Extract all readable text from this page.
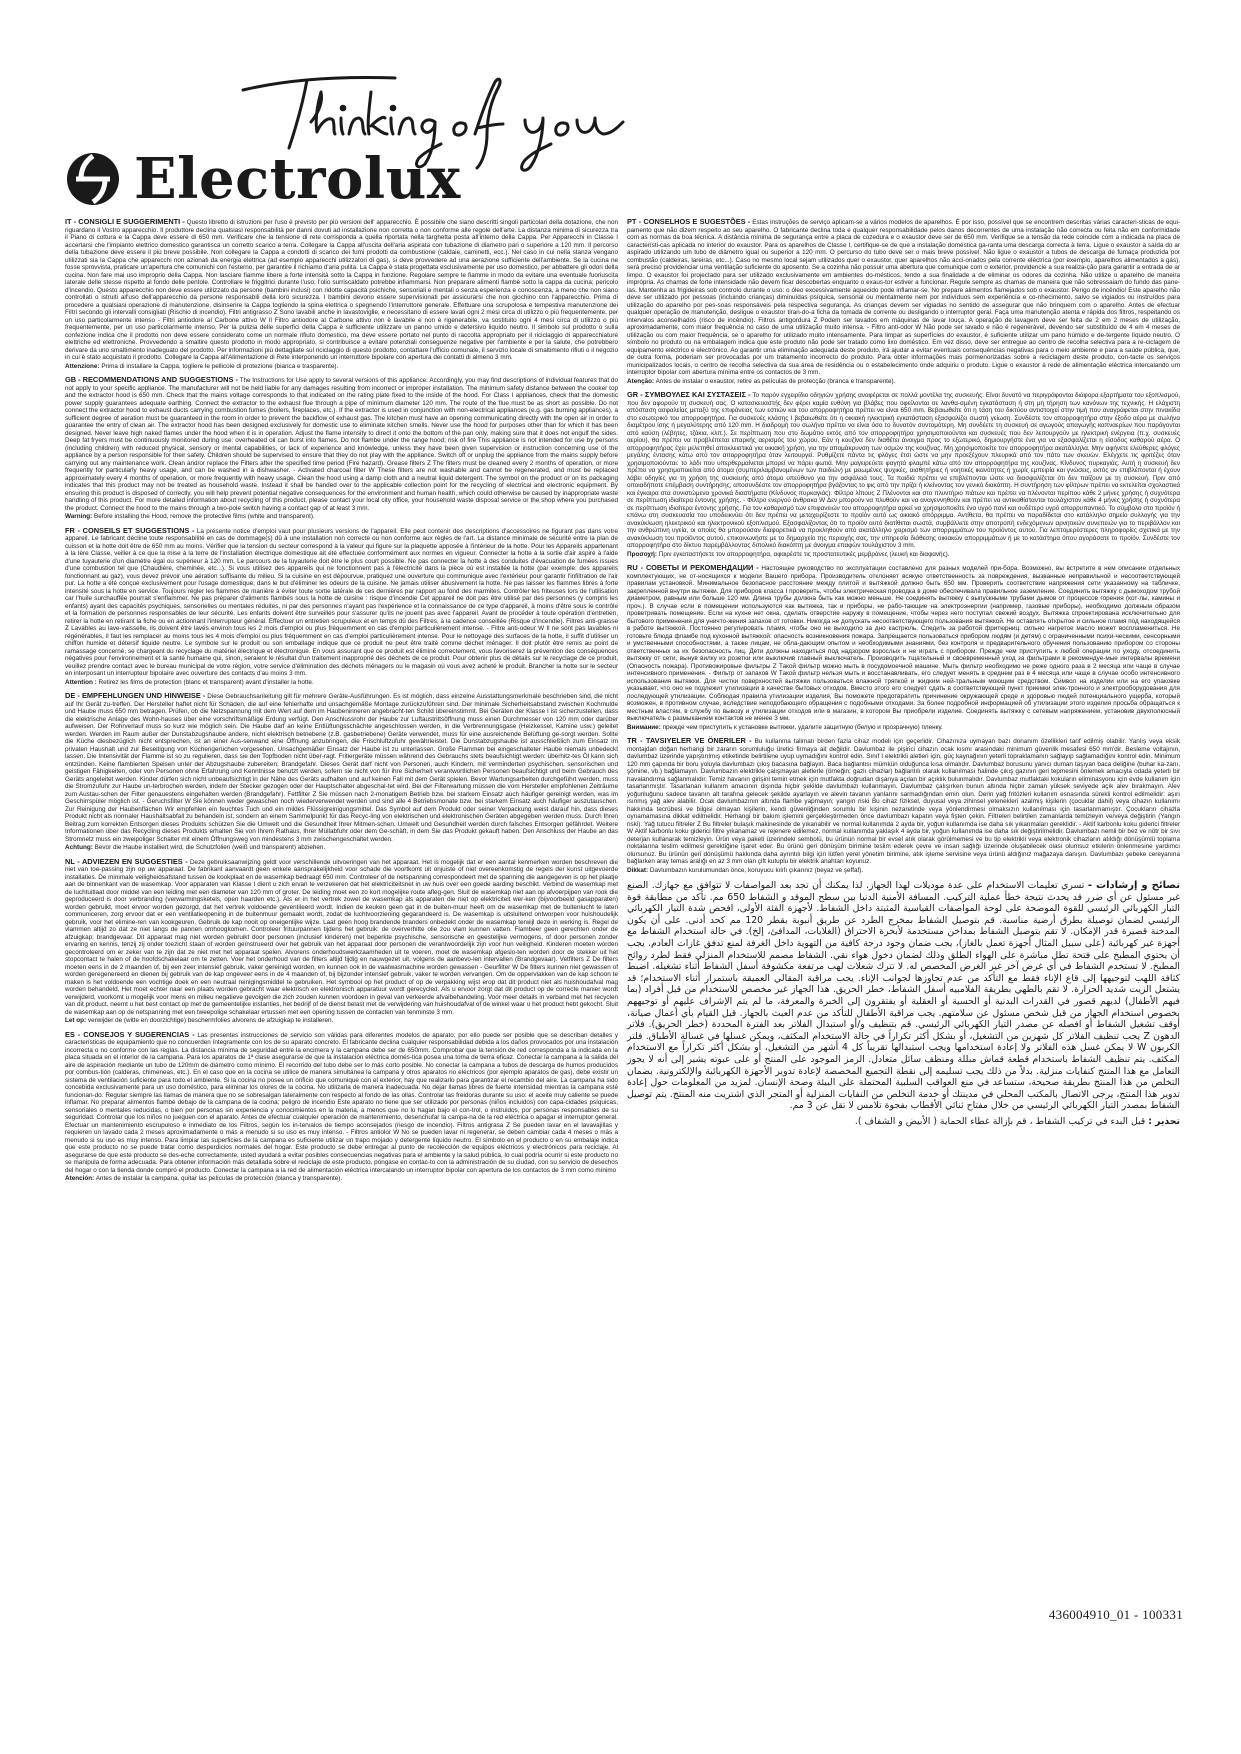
Electrolux
IT - CONSIGLI E SUGGERIMENTI - Questo libretto di istruzioni per l'uso è previsto per più versioni dell' apparecchio. È possibile che siano descritti singoli particolari della dotazione, che non riguardano il Vostro apparecchio. Il produttore declina qualsiasi responsabilità per danni dovuti ad installazione non corretta o non conforme alle regole dell'arte. La distanza minima di sicurezza tra il Piano di cottura e la Cappa deve essere di 650 mm. Verificare che la tensione di rete corrisponda a quella riportata nella targhetta posta all'interno della Cappa. Per Apparecchi in Classe I accertarsi che l'impianto elettrico domestico garantisca un corretto scarico a terra. Collegare la Cappa all'uscita dell'aria aspirata con tubazione di diametro pari o superiore a 120 mm. Il percorso della tubazione deve essere il più breve possibile. Non collegare la Cappa a condotti di scarico dei fumi prodotti da combustione (caldaie, caminetti, ecc.). Nel caso in cui nella stanza vengano utilizzati sia la Cappa che apparecchi non azionati da energia elettrica (ad esempio apparecchi utilizzatori di gas), si deve provvedere ad una aerazione sufficiente dell'ambiente. Se la cucina ne fosse sprovvista, praticare un'apertura che comunichi con l'esterno, per garantire il richiamo d'aria pulita. La Cappa è stata progettata esclusivamente per uso domestico, per abbattere gli odori della cucina. Non fare mai uso improprio della Cappa. Non lasciare fiamme libere a forte intensità sotto la Cappa in funzione. Regolare sempre le fiamme in modo da evitare una eventuale fuoriuscita laterale delle stesse rispetto al fondo delle pentole. Controllare le friggitrici durante l'uso: l'olio surriscaldato potrebbe infiammarsi. Non preparare alimenti flambè sotto la cappa da cucina; pericolo d'incendio. Questo apparecchio non deve essere utilizzato da persone (bambini inclusi) con ridotte capacità psichiche, sensoriali e mentali o senza esperienza e conoscenza, a meno che non siano controllati o istruiti all'uso dell'apparecchio da persone responsabili della loro sicurezza. I bambini devono essere supervisionati per assicurarsi che non giochino con l'apparecchio. Prima di procedere a qualsiasi operazione di manutenzione, disinserire la Cappa togliendo la spina elettrica o spegnendo l'interruttore generale. Effettuare una scrupolosa e tempestiva manutenzione dei Filtri secondo gli intervalli consigliati (Rischio di incendio). Filtri antigrasso Z Sono lavabili anche in lavastoviglie, e necessitano di essere lavati ogni 2 mesi circa di utilizzo o più frequentemente, per un uso particolarmente intenso - Filtri antiodore al Carbone attivo W Il Filtro antiodore al Carbone attivo non è lavabile e non è rigenerabile, va sostituito ogni 4 mesi circa di utilizzo o più frequentemente, per un uso particolarmente intenso. Per la pulizia delle superfici della Cappa è sufficiente utilizzare un panno umido e detersivo liquido neutro. Il simbolo sul prodotto o sulla confezione indica che il prodotto non deve essere considerato come un normale rifiuto domestico, ma deve essere portato nel punto di raccolta appropriato per il riciclaggio di apparecchiature elettriche ed elettroniche. Provvedendo a smaltire questo prodotto in modo appropriato, si contribuisce a evitare potenziali conseguenze negative per l'ambiente e per la salute, che potrebbero derivare da uno smaltimento inadeguato del prodotto. Per informazioni più dettagliate sul riciclaggio di questo prodotto, contattare l'ufficio comunale, il servizio locale di smaltimento rifiuti o il negozio in cui è stato acquistato il prodotto. Collegare la Cappa all'Alimentazione di Rete interponendo un interruttore bipolare con apertura dei contatti di almeno 3 mm.
Attenzione: Prima di installare la Cappa, togliere le pellicole di protezione (bianca e trasparente).
GB - RECOMMENDATIONS AND SUGGESTIONS - The Instructions for Use apply to several versions of this appliance. Accordingly, you may find descriptions of individual features that do not apply to your specific appliance. The manufacturer will not be held liable for any damages resulting from incorrect or improper installation. The minimum safety distance between the cooker top and the extractor hood is 650 mm. Check that the mains voltage corresponds to that indicated on the rating plate fixed to the inside of the hood. For Class I appliances, check that the domestic power supply guarantees adequate earthing. Connect the extractor to the exhaust flue through a pipe of minimum diameter 120 mm. The route of the flue must be as short as possible. Do not connect the extractor hood to exhaust ducts carrying combustion fumes (boilers, fireplaces, etc.). If the extractor is used in conjunction with non-electrical appliances (e.g. gas burning appliances), a sufficient degree of aeration must be guaranteed in the room in order to prevent the backflow of exhaust gas. The kitchen must have an opening communicating directly with the open air in order to guarantee the entry of clean air. The extractor hood has been designed exclusively for domestic use to eliminate kitchen smells. Never use the hood for purposes other than for which it has been designed. Never leave high naked flames under the hood when it is in operation. Adjust the flame intensity to direct it onto the bottom of the pan only, making sure that it does not engulf the sides. Deep fat fryers must be continuously monitored during use: overheated oil can burst into flames. Do not flambe under the range hood; risk of fire This appliance is not intended for use by persons (including children) with reduced physical, sensory or mental capabilities, or lack of experience and knowledge, unless they have been given supervision or instruction concerning use of the appliance by a person responsible for their safety. Children should be supervised to ensure that they do not play with the appliance. Switch off or unplug the appliance from the mains supply before carrying out any maintenance work. Clean and/or replace the Filters after the specified time period (Fire hazard). Grease filters Z The filters must be cleaned every 2 months of operation, or more frequently for particularly heavy usage, and can be washed in a dishwasher. - Activated charcoal filter W These filters are not washable and cannot be regenerated, and must be replaced approximately every 4 months of operation, or more frequently with heavy usage. Clean the hood using a damp cloth and a neutral liquid detergent. The symbol on the product or on its packaging indicates that this product may not be treated as household waste. Instead it shall be handed over to the applicable collection point for the recycling of electrical and electronic equipment. By ensuring this product is disposed of correctly, you will help prevent potential negative consequences for the environment and human health, which could otherwise be caused by inappropriate waste handling of this product. For more detailed information about recycling of this product, please contact your local city office, your household waste disposal service or the shop where you purchased the product. Connect the hood to the mains through a two-pole switch having a contact gap of at least 3 mm.
Warning: Before installing the Hood, remove the protective films (white and transparent).
FR - CONSEILS ET SUGGESTIONS - La présente notice d'emploi vaut pour plusieurs versions de l'appareil. Elle peut contenir des descriptions d'accessoires ne figurant pas dans votre appareil. Le fabricant décline toute responsabilité en cas de dommage(s) dû à une installation non correcte ou non conforme aux règles de l'art. La distance minimale de sécurité entre la plan de cuisson et la hotte doit être de 650 mm au moins. Vérifier que la tension du secteur correspond à la valeur qui figure sur la plaquette apposée à l'intérieur de la hotte. Pour les Appareils appartenant à la Ière Classe, veiller à ce que la mise à la terre de l'installation électrique domestique ait été effectuée conformément aux normes en vigueur. Connecter la hotte à la sortie d'air aspiré à l'aide d'une tuyauterie d'un diamètre égal ou supérieur à 120 mm. Le parcours de la tuyauterie doit être le plus court possible. Ne pas connecter la hotte à des conduites d'évacuation de fumées issues d'une combustion tel que (Chaudière, cheminée, etc...). Si vous utilisez des appareils qui ne fonctionnent pas à l'électricité dans la pièce où est installée la hotte (par exemple: des appareils fonctionnant au gaz), vous devez prévoir une aération suffisante du milieu. Si la cuisine en est dépourvue, pratiquez une ouverture qui communique avec l'extérieur pour garantir l'infiltration de l'air pur. La hotte a été conçue exclusivement pour l'usage domestique, dans le but d'éliminer les odeurs de la cuisine. Ne jamais utiliser abusivement la hotte. Ne pas laisser les flammes libres à forte intensité sous la hotte en service. Toujours régler les flammes de manière à éviter toute sortie latérale de ces dernières par rapport au fond des marmites. Contrôler les friteuses lors de l'utilisation car l'huile surchauffée pourrait s'enflammer. Ne pas préparer d'aliments flambés sous la hotte de cuisine : risque d'incendie Cet appareil ne doit pas être utilisé par des personnes (y compris les enfants) ayant des capacités psychiques, sensorielles ou mentales réduites, ni par des personnes n'ayant pas l'expérience et la connaissance de ce type d'appareil, à moins d'être sous le contrôle et la formation de personnes responsables de leur sécurité. Les enfants doivent être surveillés pour s'assurer qu'ils ne jouent pas avec l'appareil. Avant de procéder à toute opération d'entretien, retirer la hotte en retirant la fiche ou en actionnant l'interrupteur général. Effectuer un entretien scrupuleux et en temps dû des Filtres, à la cadence conseillée (Risque d'incendie). Filtres anti-graisse Z Lavables au lave-vaisselle, ils doivent être lavés environ tous les 2 mois d'emploi ou plus fréquemment en cas d'emploi particulièrement intense. - Filtre anti-odeur W Il ne sont pas lavables ni régénérables, il faut les remplacer au moins tous les 4 mois d'emploi ou plus fréquemment en cas d'emploi particulièrement intense. Pour le nettoyage des surfaces de la hotte, il suffit d'utiliser un chiffon humide et détersif liquide neutre. Le symbole sur le produit ou son emballage indique que ce produit ne peut être traité comme déchet ménager. Il doit plutôt être remis au point de ramassage concerné, se chargeant du recyclage du matériel électrique et électronique. En vous assurant que ce produit est éliminé correctement, vous favoriserez la prévention des conséquences négatives pour l'environnement et la santé humaine qui, sinon, seraient le résultat d'un traitement inapproprié des déchets de ce produit. Pour obtenir plus de détails sur le recyclage de ce produit, veuillez prendre contact avec le bureau municipal de votre région, votre service d'élimination des déchets ménagers ou le magasin où vous avez acheté le produit. Brancher la hotte sur le secteur en interposant un interrupteur bipolaire avec ouverture des contacts d'au moins 3 mm.
Attention : Retirez les films de protection (blanc et transparent) avant d'installer la hotte.
DE - EMPFEHLUNGEN UND HINWEISE - Diese Gebrauchsanleitung gilt für mehrere Geräte-Ausführungen. Es ist möglich, dass einzelne Ausstattungsmerkmale beschrieben sind, die nicht auf Ihr Gerät zu-treffen. Der Hersteller haftet nicht für Schäden, die auf eine fehlerhafte und unsachgemäße Montage zurückzuführen sind. Der minimale Sicherheitsabstand zwischen Kochmulde und Haube muss 650 mm betragen. Prüfen, ob die Netzspannung mit dem Wert auf dem im Haubeninneren angebracht-ten Schild übereinstimmt. Bei Geräten der Klasse I ist sicherzustellen, dass die elektrische Anlage des Wohn-hauses über eine vorschriftsmäßige Erdung verfügt. Den Anschlussrohr der Haube zur Luftaustrittsöffnung muss einen Durchmesser von 120 mm oder darüber aufweisen. Der Rohrverlauf muss so kurz wie möglich sein. Die Haube darf an keine Entlüftungsschächte angeschlossen werden, in die Verbrennungsgase (Heizkessel, Kamine usw.) geleitet werden. Werden im Raum außer der Dunstabzugshaube andere, nicht elektrisch betriebene (z.B. gasbetriebene) Geräte verwendet, muss für eine ausreichende Belüftung ge-sorgt werden. Sollte die Küche diesbezüglich nicht entsprechen, ist an einer Aus-senwand eine Öffnung anzubringen, die Frischluftzufuhr gewährleistet. Die Dunstabzugshaube ist ausschließlich zum Einsatz im privaten Haushalt und zur Beseitigung von Küchengerüchen vorgesehen. Unsachgemäßer Einsatz der Haube ist zu unterlassen. Große Flammen bei eingeschalteter Haube niemals unbedeckt lassen. Die Intensivität der Flamme ist so zu regulieren, dass sie den Topfboden nicht über-ragt. Fritiergeräte müssen während des Gebrauchs stets beaufsichtigt werden: überhitz-tes Öl kann sich entzünden. Keine flambierten Speisen unter der Abzugshaube zubereiten; Brandgefahr. Dieses Gerät darf nicht von Personen, auch Kindern, mit verminderten psychischen, sensorischen und geistigen Fähigkeiten, oder von Personen ohne Erfahrung und Kenntnisse benutzt werden, sofern sie nicht von für ihre Sicherheit verantwortlichen Personen beaufsichtigt und beim Gebrauch des Geräts angeleitet werden. Kinder dürfen sich nicht unbeaufsichtigt in der Nähe des Geräts aufhalten und auf keinen Fall mit dem Gerät spielen. Bevor Wartungsarbeiten durchgeführt werden, muss die Stromzufuhr zur Haube un-terbrochen werden, indem der Stecker gezogen oder der Hauptschalter abgeschal-tet wird. Bei der Filterwartung müssen die vom Hersteller empfohlenen Zeiträume zum Austau-schen der Filter genauestens eingehalten werden (Brandgefahr). Fettfilter Z Sie müssen nach 2-monatigem Betrieb bzw. bei starkem Einsatz auch häufiger gereinigt werden, was im Geschirrspüler möglich ist. - Geruchsfilter W Sie können weder gewaschen noch wiederverwendet werden und sind alle 4 Betriebsmonate bzw. bei starkem Einsatz auch häufiger auszutauschen. Zur Reinigung der Haubenflächen Wir empfehlen ein feuchtes Tuch und ein mildes Flüssigreinigungsmittel. Das Symbol auf dem Produkt oder seiner Verpackung weist darauf hin, dass dieses Produkt nicht als normaler Haushaltsabfall zu behandeln ist, sondern an einem Sammelpunkt für das Recyc-ling von elektrischen und elektronischen Geräten abgegeben werden muss. Durch Ihren Beitrag zum korrekten Entsorgen dieses Produkts schützen Sie die Umwelt und die Gesundheit Ihrer Mitmen-schen. Umwelt und Gesundheit werden durch falsches Entsorgen gefährdet. Weitere Informationen über das Recycling dieses Produkts erhalten Sie von Ihrem Rathaus, Ihrer Müllabfuhr oder dem Ge-schäft, in dem Sie das Produkt gekauft haben. Den Anschluss der Haube an das Stromnetz muss ein zweipoliger Schalter mit einem Öffnungsweg von mindestens 3 mm zwischengeschaltet werden.
Achtung: Bevor die Haube installiert wird, die Schutzfolien (weiß und transparent) abziehen.
NL - ADVIEZEN EN SUGGESTIES - Deze gebruiksaanwijzing geldt voor verschillende uitvoeringen van het apparaat. Het is mogelijk dat er een aantal kenmerken worden beschreven die niet van toe-passing zijn op uw apparaat. De fabrikant aanvaardt geen enkele aansprakelijkheid voor schade die voortkomt uit onjuiste of niet overeenkomstig de regels der kunst uitgevoerde installaties. De minimale veiligheidsafstand tussen de kookplaat en de wasemkap bedraagt 650 mm. Controleer of de netspanning correspondeert met de spanning die aangegeven is op het plaatje aan de binnenkant van de wasemkap. Voor apparaten van Klasse I dient u zich ervan te verzekeren dat het elektriciteitsnet in uw huis over een goede aarding beschikt. Verbind de wasemkap met de luchtuitlaat door middel van een leiding met een diameter van 120 mm of groter. De leiding moet een zo kort mogelijke route afleg-gen. Sluit de wasemkap niet aan op afvoerpijpen van rook die geproduceerd is door verbranding (verwarmingsketels, open haarden etc.). Als er in het vertrek zowel de wasemkap als apparaten die niet op elektriciteit wer-ken (bijvoorbeeld gasapparaten) worden gebruikt, moet ervoor worden gezorgd, dat het vertrek voldoende geventileerd wordt. Indien de keuken geen gat in de buiten-muur heeft om de wasemkap met de buitenlucht te laten communiceren, zorg ervoor dat er een ventilatieopening in de buitenmuur gemaakt wordt, zodat de luchtvoorziening gegarandeerd is. De wasemkap is uitsluitend ontworpen voor huishoudelijk gebruik, voor het elimine-ren van kookgeuren. Gebruik de kap nooit op oneigenlijke wijze. Laat geen hoog brandende branders onbedekt onder de wasemkap terwijl deze in werking is. Regel de vlammen altijd zo dat ze niet langs de pannen omhoogkomen. Controleer frituurpannen tijdens het gebruik: de oververhitte olie zou vlam kunnen vatten. Flambeer geen gerechten onder de afzuigkap; brandgevaar. Dit apparaat mag niet worden gebruikt door personen (inclusief kinderen) met beperkte psychische, sensorische en geestelijke vermogens, of door personen zonder ervaring en kennis, tenzij zij onder toezicht staan of worden geïnstrueerd over het gebruik van het apparaat door personen die verantwoordelijk zijn voor hun veiligheid. Kinderen moeten worden gecontroleerd om er zeker van te zijn dat ze niet met het apparaat spelen. Alvorens onderhoudswerkzaamheden uit te voeren, moet de wasemkap afgeslo-ten worden door de stekker uit het stopcontact te halen of de hoofdschakelaar om te zetten. Voer het onderhoud van de filters altijd tijdig en nauwgezet uit, volgens de aanbevo-len intervallen (Brandgevaar). Vetfilters Z De filters moeten eens in de 2 maanden of, bij een zeer intensief gebruik, vaker gereinigd worden, en kunnen ook in de vaatwasmachine worden gewassen - Geurfilter W De filters kunnen niet gewassen of worden geregenereerd en dienen bij gebruik van de kap ongeveer eens in de 4 maanden of, bij bijzonder intensief gebruik, vaker te worden vervangen. Om de oppervlakken van de kap schoon te maken is het voldoende een vochtige doek en een neutraal reinigingsmiddel te gebruiken. Het symbool op het product of op de verpakking wijst erop dat dit product niet als huishoudafval mag worden behandeld. Het moet echter naar een plaats worden gebracht waar elektrisch en elektronisch apparatuur wordt gerecycled. Als u ervoor zorgt dat dit product op de correcte manier wordt verwijderd, voorkomt u mogelijk voor mens en milieu negatieve gevolgen die zich zouden kunnen voordoen in geval van verkeerde afvalbehandeling. Voor meer details in verband met het recyclen van dit product, neemt u het best contact op met de gemeentelijke instanties, het bedrijf of de dienst belast met de verwijdering van huishoudafval of de winkel waar u het product hebt gekocht. Sluit de wasemkap aan op de netspanning met een tweepolige schakelaar ertussen met een opening tussen de contacten van tenminste 3 mm.
Let op: verwijder de (witte en doorzichtige) beschermfolies alvorens de afzuigkap te installeren.
ES - CONSEJOS Y SUGERENCIAS - Las presentes instrucciones de servicio son válidas para diferentes modelos de aparato; por ello puede ser posible que se describan detalles y características de equipamiento que no concuerden íntegramente con los de su aparato concreto. El fabricante declina cualquier responsabilidad debida a los daños provocados por una instalación incorrecta o no conforme con las reglas. La distancia mínima de seguridad entre la encimera y la campana debe ser de 650mm. Comprobar que la tensión de red corresponda a la indicada en la placa situada en el interior de la campana. Para los aparatos de 1ª clase asegurarse de que la instalación eléctrica domés-tica posea una toma de tierra eficaz. Conectar la campana a la salida del aire de aspiración mediante un tubo de 120mm de diámetro como mínimo. El recorrido del tubo debe ser lo más corto posible. No conectar la campana a tubos de descarga de humos producidos por combus-tión (calderas, chimeneas, etc.). En el caso que en la cocina se utilice de manera simultánea la campana y otros aparatos no eléctricos (por ejemplo aparatos de gas), debe existir un sistema de ventilación suficiente para todo el ambiente. Si la cocina no posee un orificio que comunique con el exterior, hay que realizarlo para garantizar el recambio del aire. La campana ha sido concebida exclusivamente para un uso doméstico, para eliminar los olores de la cocina. No utilizarla de manera inadecuada. No dejar llamas libres de fuerte intensidad mientras la campana esté funcionan-do. Regular siempre las llamas de manera que no se sobresalgan lateralmente con respecto al fondo de las ollas. Controlar las freidoras durante su uso: el aceite muy caliente se puede inflamar. No preparar alimentos flambé debajo de la campana de la cocina; peligro de incendio Este aparato no tiene que ser utilizado por personas (niños incluidos) con capa-cidades psíquicas, sensoriales o mentales reducidas, o bien por personas sin experiencia y conocimientos en la materia, a menos que no lo hagan bajo el con-trol, o instruidos, por personas responsables de su seguridad. Controlar que los niños no jueguen con el aparato. Antes de efectuar cualquier operación de mantenimiento, desenchufar la campa-na de la red eléctrica o apagar el interruptor general. Efectuar un mantenimiento escrupuloso e inmediato de los Filtros, según los in-tervalos de tiempo aconsejados (riesgo de incendio). Filtros antigrasa Z Se pueden lavar en el lavavajillas y requieren un lavado cada 2 meses aproximadamente o más a menudo si su uso es muy intenso. - Filtros antiolor W No se pueden lavar ni regenerar, se deben cambiar cada 4 meses o más a menudo si su uso es muy intenso. Para limpiar las superficies de la campana es suficiente utilizar un trapo mojado y detergente líquido neutro. El símbolo en el producto o en su embalaje indica que este producto no se puede tratar como desperdicios normales del hogar. Este producto se debe entregar al punto de recolección de equipos eléctricos y electrónicos para reciclaje. Al asegurarse de que este producto se des-eche correctamente, usted ayudará a evitar posibles consecuencias negativas para el ambiente y la salud pública, lo cual podría ocurrir si este producto no se manipula de forma adecuada. Para obtener información más detallada sobre el reciclaje de este producto, póngase en contac-to con la administración de su ciudad, con su servicio de desechos del hogar o con la tienda donde compró el producto. Conectar la campana a la red de alimentación eléctrica intercalando un interruptor bipolar con apertura de los contactos de 3 mm como mínimo
Atención: Antes de instalar la campana, quitar las películas de protección (blanca y transparente).
PT - CONSELHOS E SUGESTÕES - Estas instruções de serviço aplicam-se a vários modelos de aparelhos. É por isso, possível que se encontrem descritas várias caracteri-sticas de equi-pamento que não dizem respeito ao seu aparelho. O fabricante declina toda e qualquer responsabilidade pelos danos decorrentes de uma instalação não correcta ou feita não em conformidade com as normas da boa técnica. A distância mínima de segurança entre a placa de cozedura e o exaustor deve ser de 650 mm. Verifique se a tensão da rede coincide com a indicada na placa de característi-cas aplicada no interior do exaustor. Para os aparelhos de Classe I, certifique-se de que a instalação doméstica ga-ranta uma descarga correcta à terra. Ligue o exaustor à saída do ar aspirado utilizando um tubo de diâmetro igual ou superior a 120 mm. O percurso do tubo deve ser o mais breve possível. Não ligue o exaustor a tubos de descarga de fumaça produzida por combustão (caldeiras, lareiras, etc...). Caso no mesmo local sejam utilizados quer o exaustor, quer aparelhos não acci-onados pela corrente eléctrica (por exemplo, aparelhos alimentados a gás), será preciso providenciar uma ventilação suficiente do aposento. Se a cozinha não possuir uma abertura que comunique com o exterior, providencie a sua realiza-ção para garantir a entrada de ar limpo. O exaustor foi projectado para ser utilizado exclusivamente em ambientes do-mésticos, tendo a sua finalidade a de eliminar os odores da cozinha. Não utilize o aparelho de maneira imprópria. As chamas de forte intensidade não devem ficar descobertas enquanto o exaus-tor estiver a funcionar. Regule sempre as chamas de maneira que não sobressaiam do fundo das pane-las. Mantenha as frigideiras sob controlo durante o uso: o óleo excessivamente aquecido pode inflamar-se. No prepare alimentos flamejados sob o exaustor. Perigo de incêndio! Este aparelho não deve ser utilizado por pessoas (incluindo crianças) diminuídas psíquica, sensorial ou mentalmente nem por indivíduos sem experiência e co-nhecimento, salvo se vigiados ou instruídos para utilização do aparelho por pes-soas responsáveis pela respectiva segurança. As crianças devem ser vigiadas no sentido de assegurar que não brinquem com o aparelho. Antes de efectuar qualquer operação de manutenção, desligue o exaustor tiran-do-a ficha da tomada de corrente ou desligando o interruptor geral. Faça uma manutenção atenta e rápida dos filtros, respeitando os intervalos aconselhados (risco de incêndio). Filtros antigordura Z Podem ser lavados em máquinas de lavar louça. A operação de lavagem deve ser feita de 2 em 2 meses de utilização, aproximadamente, com maior frequência no caso de uma utilização muito intensa. - Filtro anti-odor W Não pode ser lavado e não é regenerável, devendo ser substituído de 4 em 4 meses de utilização ou com maior frequência, se o aparelho for utilizado muito intensamente. Para limpar as superfícies do exaustor, é suficiente utilizar um pano húmido e de-tergente líquido neutro. O símbolo no produto ou na embalagem indica que este produto não pode ser tratado como lixo doméstico. Em vez disso, deve ser entregue ao centro de recolha selectiva para a re-ciclagem de equipamento eléctrico e electrónico. Ao garantir uma eliminação adequada deste produto, irá ajudar a evitar eventuais consequências negativas para o meio ambiente e para a saúde pública, que, de outra forma, poderiam ser provocadas por um tratamento incorrecto do produto. Para obter informações mais pormenorizadas sobre a reciclagem deste produto, con-tacte os serviços municipalizados locais, o centro de recolha selectiva da sua área de residência ou o estabelecimento onde adquiriu o produto. Ligue o exaustor à rede de alimentação eléctrica intercalando um interruptor bipolar com abertura mínima entre os contactos de 3 mm.
Atenção: Antes de instalar o exaustor, retire as películas de protecção (branca e transparente).
GR - ΣΥΜΒΟΥΛΕΣ ΚΑΙ ΣΥΣΤΑΣΕΙΣ - Το παρόν εγχειρίδιο οδηγιών χρήσης αναφέρεται σε πολλά μοντέλα της συσκευής. Είναι δυνατό να περιγράφονται διάφορα εξαρτήματα του εξοπλισμού, που δεν αφορούν τη συσκευή σας. Ο κατασκευαστής δεν φέρει καμία ευθύνη για βλάβες που οφείλονται σε λανθα-σμένη εγκατάσταση ή στη μη τήρηση των κανόνων της τεχνικής. Η ελάχιστη απόσταση ασφαλείας μεταξύ της επιφάνειας των εστιών και του απορροφητήρα πρέπει να είναι 650 mm. Βεβαιωθείτε ότι η τάση του δικτύου αντιστοιχεί στην τιμή που αναγράφεται στην πινακίδα στο εσωτερικό του απορροφητήρα. Για συσκευές κλάσης I βεβαιωθείτε ότι η οικιακή ηλεκτρική εγκατάσταση εξασφαλίζει σωστή γείωση. Συνδέστε τον απορροφητήρα στην έξοδο αέρα με σωλήνα διαμέτρου ίσης ή μεγαλύτερης από 120 mm. Η διαδρομή του σωλήνα πρέπει να είναι όσο το δυνατόν συντομότερη. Μη συνδέετε τη συσκευή σε αγωγούς απαγωγής καπναερίων που παράγονται από καύση (λέβητες, τζάκια, κλπ.). Σε περίπτωση που στο δωμάτιο εκτός από τον απορροφητήρα χρησιμοποιούνται και συσκευές που δεν λειτουργούν με ηλεκτρική ενέργεια (π.χ. συσκευές αερίου), θα πρέπει να προβλέπεται επαρκής αερισμός του χώρου. Εάν η κουζίνα δεν διαθέτει άνοιγμα προς το εξωτερικό, δημιουργήστε ένα για να εξασφαλίζεται η είσοδος καθαρού αέρα. Ο απορροφητήρας έχει μελετηθεί αποκλειστικά για οικιακή χρήση, για την απομάκρυνση των οσμών της κουζίνας. Μη χρησιμοποιείτε τον απορροφητήρα ακατάλληλα. Μην αφήνετε ελεύθερες φλόγες μεγάλης έντασης κάτω από τον απορροφητήρα όταν λειτουργεί. Ρυθμίζετε πάντα τις φλόγες έτσι ώστε να μην προεξέχουν πλευρικά από τον πάτο των σκευών. Ελέγχετε τις φριτέζες όταν χρησιμοποιούνται: το λάδι που υπερθερμαίνεται μπορεί να πάρει φωτιά. Μην μαγειρεύετε φαγητά φλαμπέ κάτω από τον απορροφητήρα της κουζίνας. Κίνδυνος πυρκαγιάς. Αυτή η συσκευή δεν πρέπει να χρησιμοποιείται από άτομα (συμπεριλαμβανομένων των παιδιών) με μειωμένες ψυχικές, αισθητήριες ή νοητικές ικανότητες ή χωρίς εμπειρία και γνώσεις, εκτός αν επιβλέπονται ή έχουν λάβει οδηγίες για τη χρήση της συσκευής από άτομο υπεύθυνο για την ασφάλειά τους. Τα παιδιά πρέπει να επιβλέπονται ώστε να διασφαλίζεται ότι δεν παίζουν με τη συσκευή. Πριν από οποιαδήποτε επέμβαση συντήρησης, αποσυνδέστε τον απορροφητήρα βγάζοντας το φις από την πρίζα ή κλείνοντας τον γενικό διακόπτη. Η συντήρηση των φίλτρων πρέπει να εκτελείται σχολαστικά και έγκαιρα στα συνιστώμενα χρονικά διαστήματα (Κίνδυνος πυρκαγιάς). Φίλτρα λίπους Z Πλένονται και στο πλυντήριο πιάτων και πρέπει να πλένονται περίπου κάθε 2 μήνες χρήσης ή συχνότερα σε περίπτωση ιδιαίτερα έντονης χρήσης. - Φίλτρο ενεργού άνθρακα W Δεν μπορούν να πλυθούν και να αναγεννηθούν και πρέπει να αντικαθίστανται τουλάχιστον κάθε 4 μήνες χρήσης ή συχνότερα σε περίπτωση ιδιαίτερα έντονης χρήσης. Για τον καθαρισμό των επιφανειών του απορροφητήρα αρκεί να χρησιμοποιείτε ένα υγρό πανί και ουδέτερο υγρό απορρυπαντικό. Το σύμβολο στο προϊόν ή επάνω στη συσκευασία του υποδεικνύει ότι δεν πρέπει να μεταχειρίζεστε το προϊόν αυτό ως οικιακό απόρριμμα. Αντίθετα, θα πρέπει να παραδίδεται στο κατάλληλο σημείο συλλογής για την ανακύκλωση ηλεκτρικού και ηλεκτρονικού εξοπλισμού. Εξασφαλίζοντας ότι το προϊόν αυτό διατίθεται σωστά, συμβάλλετε στην αποτροπή ενδεχόμενων αρνητικών συνεπειών για το περιβάλλον και την ανθρώπινη υγεία, οι οποίες θα μπορούσαν διαφορετικά να προκληθούν από ακατάλληλο χειρισμό των απορριμμάτων του προϊόντος αυτού. Για λεπτομερέστερες πληροφορίες σχετικά με την ανακύκλωση του προϊόντος αυτού, επικοινωνήστε με το δημαρχείο της περιοχής σας, την υπηρεσία διάθεσης οικιακών απορριμμάτων ή με το κατάστημα όπου αγοράσατε το προϊόν. Συνδέστε τον απορροφητήρα στο δίκτυο παρεμβάλλοντας διπολικό διακόπτη με άνοιγμα επαφών τουλάχιστον 3 mm.
Προσοχή: Πριν εγκαταστήσετε τον απορροφητήρα, αφαιρέστε τις προστατευτικές μεμβράνες (λευκή και διαφανής).
RU - СОВЕТЫ И РЕКОМЕНДАЦИИ - Настоящее руководство по эксплуатации составлено для разных моделей при-бора. Возможно, вы встретите в нем описание отдельных комплектующих, не от-носящихся к модели Вашего прибора. Производитель отклоняет всякую ответственность за повреждения, вызванные неправильной и несоответствующей правилам установкой. Минимальное безопасное расстояние между плитой и вытяжкой должно быть 650 мм. Проверить соответствие напряжения сети указанному на табличке, закрепленной внутри вытяжки. Для приборов класса I проверить, чтобы электрическая проводка в доме обеспечивала правильное заземление. Соединить вытяжку с дымоходом трубой диаметром, равным или больше 120 мм. Длина трубы должна быть как можно меньше. Не соединять вытяжку с выпускными трубами дымов от процессов горения (кот-лы, камины и проч.). В случае если в помещении используются как вытяжка, так и приборы, не рабо-тающие на электроэнергии (например, газовые приборы), необходимо должным образом проветривать помещение. Если на кухне нет окна, сделать отверстие наружу в помещение, чтобы через него поступал свежий воздух. Вытяжка спроектирована исключительно для бытового применения для уничто-жения запахов от готовки. Никогда не допускать несоответствующего пользования вытяжкой. Не оставлять открытое и сильное пламя под находящейся в работе вытяжкой. Постоянно регулировать пламя, чтобы оно не выходило за дно кастрюль. Следить за работой фритюрниц: сильно нагретое масло может воспламениться. Не готовьте блюда фламбе под кухонной вытяжкой: опасность возникновения пожара. Запрещается пользоваться прибором людям (и детям) с ограниченными психи-ческими, сенсорными и умственными способностями, а также лицам, не обла-дающим опытом и необходимыми знаниями, без контроля и предварительного обучения пользованию прибором со стороны ответственных за их безопасность лиц. Дети должны находиться под надзором взрослых и не играть с прибором. Прежде чем приступить к любой операции по уходу, отсоединить вытяжку от сети, вынув вилку из розетки или выключив главный выключатель. Производить тщательный и своевременный уход за фильтрами в рекомендуе-мые интервалы времени (Опасность пожара). Противожировые фильтры Z Такой фильтр можно мыть в посудомоечной машине. Мыть фильтр необходимо не реже одного раза в 2 месяца или чаще в случае интенсивного применения. - Фильтр от запахов W Такой фильтр нельзя мыть и восстанавливать, его следует менять в среднем раз в 4 месяца или чаще в случае особо интенсивного использования вытяжки. Для чистки поверхностей вытяжки пользоваться влажной тряпкой и жидким ней-тральным моющим средством. Символ на изделии или на его упаковке указывает, что оно не подлежит утилизации в качестве бытовых отходов. Вместо этого его следует сдать в соответствующий пункт приемки элек-тронного и электрооборудования для последующей утилизации. Соблюдая правила утилизации изделия, Вы поможете предотвратить причинение окружающей среде и здоровью людей потенциального ущерба, который возможен, в противном случае, вследствие неподобающего обращения с подобными отходами. За более подробной информацией об утилизации этого изделия просьба обращаться к местным властям, в службу по вывозу и утилизации отходов или в магазин, в котором Вы приобрели изделие. Соединять вытяжку с сетевым напряжением, установив двухполюсный выключатель с размыканием контактов не менее 3 мм.
Внимание: прежде чем приступить к установке вытяжки, удалите защитную (белую и прозрачную) пленку.
TR - TAVSIYELER VE ÖNERILER - Bu kullanma talimatı birden fazla cihaz modeli için geçerlidir. Cihazınıza uymayan bazı donanım özellikleri tarif edilmiş olabilir. Yanlış veya eksik montajdan doğan herhangi bir zararın sorumluluğu üretici firmaya ait değildir. Davlumbaz ile pişirici cihazın ocak kısmı arasındaki minimum güvenlik mesafesi 650 mm'dir. Besleme voltajının, davlumbaz üzerinde yapıştırılmış etiketinde belirtilene uyup uymadığını kontrol edin. Sınıf I elektrikli aletleri için, güç kaynağının yeterli topraklamanın sağlayıp sağlamadığını kontrol edin. Minimum 120 mm çapında bir boru yoluyla davlumbazı çıkış bacasına bağlayın. Baca bağlantısı mümkün olduğunca kısa olmalıdır. Davlumbaz borusunu yanıcı duman taşıyan baca deliğine (buhar ka-zanı, şömine, vb.) bağlamayın. Davlumbazın elektrikle çalışmayan aletlerle (örneğin; gazlı cihazlar) bağlantılı olarak kullanılması halinde çıkış gazının geri tepmesini önlemek amacıyla odada yeterli bir havalandırma sağlanmalıdır. Temiz havanın girişini temin etmek için mutfakta doğrudan dışarıya açılan bir açıklık bulunmalıdır. Davlumbaz mutfaktaki kokuların eliminasyonu için evde kullanım için tasarlanmıştır. Tasarlanan kullanım amacının dışında hiçbir şekilde davlumbazı kullanmayın. Davlumbaz çalışırken bunun altında hiçbir zaman yüksek seviyede açık alev bırakmayın. Alev yoğunluğunu sadece tavanın alt tarafına gelecek şekilde ayarlayın ve alevin tavanın yanlarını sarmadığından emin olun. Derin yağ fritözleri kullanım esnasında sürekli kontrol edilmelidir: aşırı ısınmış yağ alev alabilir. Ocak davlumbazının altında flambe yapmayın; yangın riski Bu cihaz fiziksel, duyusal veya zihinsel yetenekleri azalmış kişilerin (çocuklar dahil) veya cihazın kullanımı hakkında tecrübesi ve bilgisi olmayan kişilerin, kendi güvenliğinden sorumlu bir kişinin nezaretinde veya yönlendirmesi olmaksızın kullanılması için tasarlanmamıştır. Çocukların cihazla oynamamasına dikkat edilmelidir. Herhangi bir bakım işlemini gerçekleştirmeden önce davlumbazı kapatın veya fişten çekin. Filtreleri belirtilen zamanlarda temizleyin ve/veya değiştirin (Yangın riski). Yağ tutucu filtreler Z Bu filtreler bulaşık makinesinde de yıkanabilir ve normal kullanımda 2 ayda bir, yoğun kullanımda ise daha sık yıkanmaları gereklidir. - Aktif karbonlu koku giderici filtreler W Aktif karbonlu koku giderici filtre yıkanamaz ve rejenere edilemez, normal kullanımda yaklaşık 4 ayda bir, yoğun kullanımda ise daha sık değiştirilmelidir. Davlumbazı nemli bir bez ve nötr bir sıvı deterjan kullanarak temizleyin. Ürün veya paketi üzerindeki sembolü, bu ürünün normal bir evsel atık olarak görülmemesi ve bu tip elektrikli veya elektronik cihazların atıldığı dönüşümlü toplama noktalarına teslim edilmesi gerektiğine işaret eder. Bu ürünü geri dönüşüm birimine teslim ederek çevre ve insan sağlığı üzerinde oluşabilecek olası olumsuz etkilerin önlenmesine yardımcı olursunuz. Bu ürünün geri dönüşümü hakkında daha ayrıntılı bilgi için lütfen yerel yönetim birimine, atık işleme servisine veya ürünü aldığınız mağazaya danışın. Davlumbazı şebeke cereyanına bağlarken aray temas aralığı en az 3 mm olan çift kutuplu bir elektrik anahtarı koyunuz.
Dikkat: Davlumbazın kurulumundan önce, koruyucu kılıfı çıkarınız (beyaz ve şeffaf).
نصائح و إرشادات - تسري تعليمات الاستخدام على عدة موديلات لهذا الجهاز. لذا يمكنك أن تجد بعد المواصفات لا تتوافق مع جهازك. الصنع غير مسئول عن أي ضرر قد يحدث نتيجة خطأ عملية التركيب. المسافة الأمنية الدنيا بين سطح الموقد و الشفاط 650 مم. تأكد من مطابقة قوة التيار الكهربائي الرئيسي للقوة الموضحة على لوحة المواصفات القياسية المثبتة داخل الشفاط. لأجهزة الفئة الأولى، افحص شدة التيار الكهربائي الرئيسي لضمان توصيلة بطرق أرضية مناسبة. قم بتوصيل الشفاط بمخرج الطرد عن طريق أنبوبة بقطر 120 مم كحد أدنى. على أن يكون المدخنة قصيرة قدر الإمكان. لا تقم بتوصيل الشفاط بمداخن مستخدمة لأبخرة الاحتراق (الغلايات، المدافئ، إلخ). في حالة استخدام الشفاط مع أجهزة غير كهربائية (على سبيل المثال أجهزة تعمل بالغاز)، يجب ضمان وجود درجة كافية من التهوية داخل الغرفة لمنع تدفق غازات العادم. يجب أن يحتوي المطبخ على فتحة تطل مباشرة على الهواء الطلق وذلك لضمان دخول هواء نقي. الشفاط مصمم للاستخدام المنزلي فقط لطرد روائح المطبخ. لا تستخدم الشفاط في أي غرض آخر غير الغرض المخصص له. لا تترك شعلات لهب مرتفعة مكشوفة أسفل الشفاط أثناء تشغيله. اضبط كثافة اللهب لتوجيهها إلى قاع الإناء فقط مع التأكد من عدم تجاوزها لجوانب الإناء. يجب مراقبة المقالي العميقة باستمرار أثناء الاستخدام؛ قد يشتعل الزيت شديد الحرارة. لا تقم بالطهي بطريقة الفلامبيه أسفل الشفاط، خطر الحريق. هذا الجهاز غير مخصص للاستخدام من قبل أفراد (بما فيهم الأطفال) لديهم قصور في القدرات البدنية أو الحسية أو العقلية أو يفتقرون إلى الخبرة والمعرفة، ما لم يتم الإشراف عليهم أو توجيههم بخصوص استخدام الجهاز من قبل شخص مسئول عن سلامتهم. يجب مراقبة الأطفال للتأكد من عدم العبث بالجهاز. قبل القيام بأي أعمال صيانة، أوقف تشغيل الشفاط أو افصله عن مصدر التيار الكهربائي الرئيسي. قم بتنظيف و/أو استبدال الفلاتر بعد الفترة المحددة (خطر الحريق). فلاتر الدهون Z يجب تنظيف الفلاتر كل شهرين من التشغيل، أو بشكل أكثر تكراراً في حالة الاستخدام المكثف، ويمكن غسلها في غسالة الأطباق. فلتر الكربون W لا يمكن غسل هذه الفلاتر ولا إعادة استخدامها ويجب استبدالها تقريباً كل 4 أشهر من التشغيل، أو بشكل أكثر تكراراً مع الاستخدام المكثف. يتم تنظيف الشفاط باستخدام قطعة قماش مبللة ومنظف سائل متعادل. الرمز الموجود على المنتج أو على عبوته يشير إلى أنه لا يجوز التعامل مع هذا المنتج كنفايات منزلية. بدلاً من ذلك يجب تسليمه إلى نقطة التجميع المخصصة لإعادة تدوير الأجهزة الكهربائية والإلكترونية. بضمان التخلص من هذا المنتج بطريقة صحيحة، ستساعد في منع العواقب السلبية المحتملة على البيئة وصحة الإنسان. لمزيد من المعلومات حول إعادة تدوير هذا المنتج، يرجى الاتصال بالمكتب المحلي في مدينتك أو خدمة التخلص من النفايات المنزلية أو المتجر الذي اشتريت منه المنتج. يتم توصيل الشفاط بمصدر التيار الكهربائي الرئيسي من خلال مفتاح ثنائي الأقطاب بفجوة تلامس لا تقل عن 3 مم.
تحذير : قبل البدء في تركيب الشفاط ، قم بإزالة غطاء الحماية ( الأبيض و الشفاف ).
436004910_01 - 100331
